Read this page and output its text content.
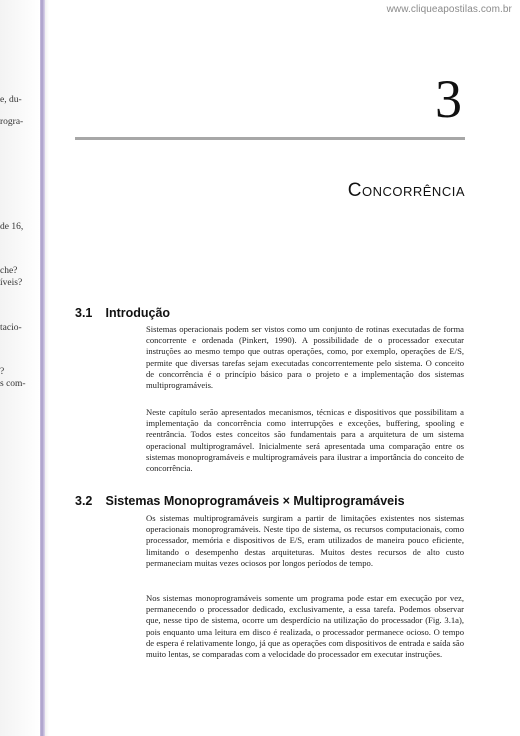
www.cliqueapostilas.com.br
e, du-
rogra-
de 16,
che?
íveis?
tacio-
?
s com-
3
Concorrência
3.1 Introdução

Sistemas operacionais podem ser vistos como um conjunto de rotinas executadas de forma concorrente e ordenada (Pinkert, 1990). A possibilidade de o processador executar instruções ao mesmo tempo que outras operações, como, por exemplo, operações de E/S, permite que diversas tarefas sejam executadas concorrentemente pelo sistema. O conceito de concorrência é o princípio básico para o projeto e a implementação dos sistemas multiprogramáveis.

Neste capítulo serão apresentados mecanismos, técnicas e dispositivos que possibilitam a implementação da concorrência como interrupções e exceções, buffering, spooling e reentrância. Todos estes conceitos são fundamentais para a arquitetura de um sistema operacional multiprogramável. Inicialmente será apresentada uma comparação entre os sistemas monoprogramáveis e multiprogramáveis para ilustrar a importância do conceito de concorrência.

3.2 Sistemas Monoprogramáveis × Multiprogramáveis

Os sistemas multiprogramáveis surgiram a partir de limitações existentes nos sistemas operacionais monoprogramáveis. Neste tipo de sistema, os recursos computacionais, como processador, memória e dispositivos de E/S, eram utilizados de maneira pouco eficiente, limitando o desempenho destas arquiteturas. Muitos destes recursos de alto custo permaneciam muitas vezes ociosos por longos períodos de tempo.

Nos sistemas monoprogramáveis somente um programa pode estar em execução por vez, permanecendo o processador dedicado, exclusivamente, a essa tarefa. Podemos observar que, nesse tipo de sistema, ocorre um desperdício na utilização do processador (Fig. 3.1a), pois enquanto uma leitura em disco é realizada, o processador permanece ocioso. O tempo de espera é relativamente longo, já que as operações com dispositivos de entrada e saída são muito lentas, se comparadas com a velocidade do processador em executar instruções.
